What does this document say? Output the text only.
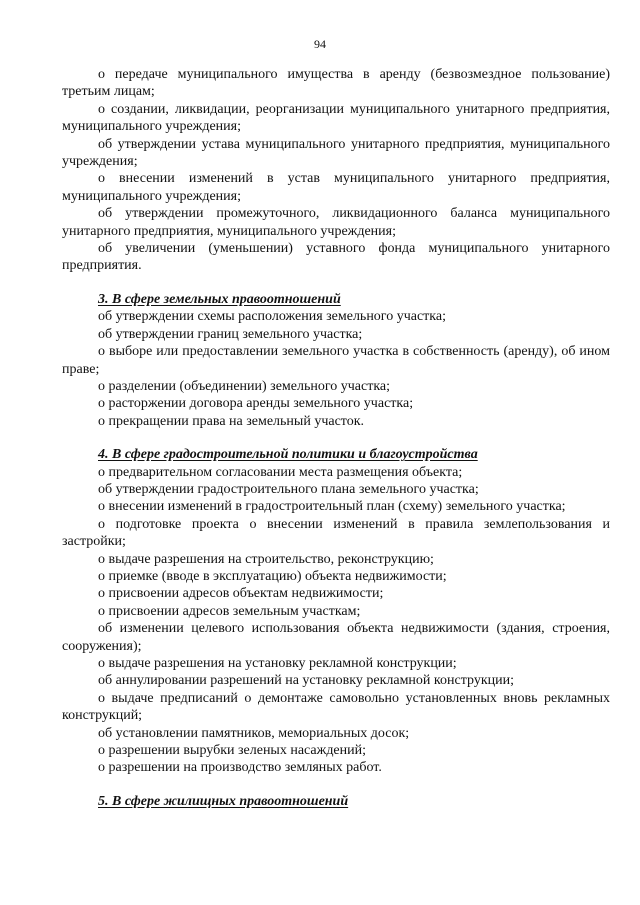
94

о передаче муниципального имущества в аренду (безвозмездное пользование) третьим лицам;

о создании, ликвидации, реорганизации муниципального унитарного предприятия, муниципального учреждения;

об утверждении устава муниципального унитарного предприятия, муниципального учреждения;

о внесении изменений в устав муниципального унитарного предприятия, муниципального учреждения;

об утверждении промежуточного, ликвидационного баланса муниципального унитарного предприятия, муниципального учреждения;

об увеличении (уменьшении) уставного фонда муниципального унитарного предприятия.

3. В сфере земельных правоотношений

об утверждении схемы расположения земельного участка;

об утверждении границ земельного участка;

о выборе или предоставлении земельного участка в собственность (аренду), об ином праве;

о разделении (объединении) земельного участка;

о расторжении договора аренды земельного участка;

о прекращении права на земельный участок.

4. В сфере градостроительной политики и благоустройства

о предварительном согласовании места размещения объекта;

об утверждении градостроительного плана земельного участка;

о внесении изменений в градостроительный план (схему) земельного участка;

о подготовке проекта о внесении изменений в правила землепользования и застройки;

о выдаче разрешения на строительство, реконструкцию;

о приемке (вводе в эксплуатацию) объекта недвижимости;

о присвоении адресов объектам недвижимости;

о присвоении адресов земельным участкам;

об изменении целевого использования объекта недвижимости (здания, строения, сооружения);

о выдаче разрешения на установку рекламной конструкции;

об аннулировании разрешений на установку рекламной конструкции;

о выдаче предписаний о демонтаже самовольно установленных вновь рекламных конструкций;

об установлении памятников, мемориальных досок;

о разрешении вырубки зеленых насаждений;

о разрешении на производство земляных работ.

5. В сфере жилищных правоотношений
